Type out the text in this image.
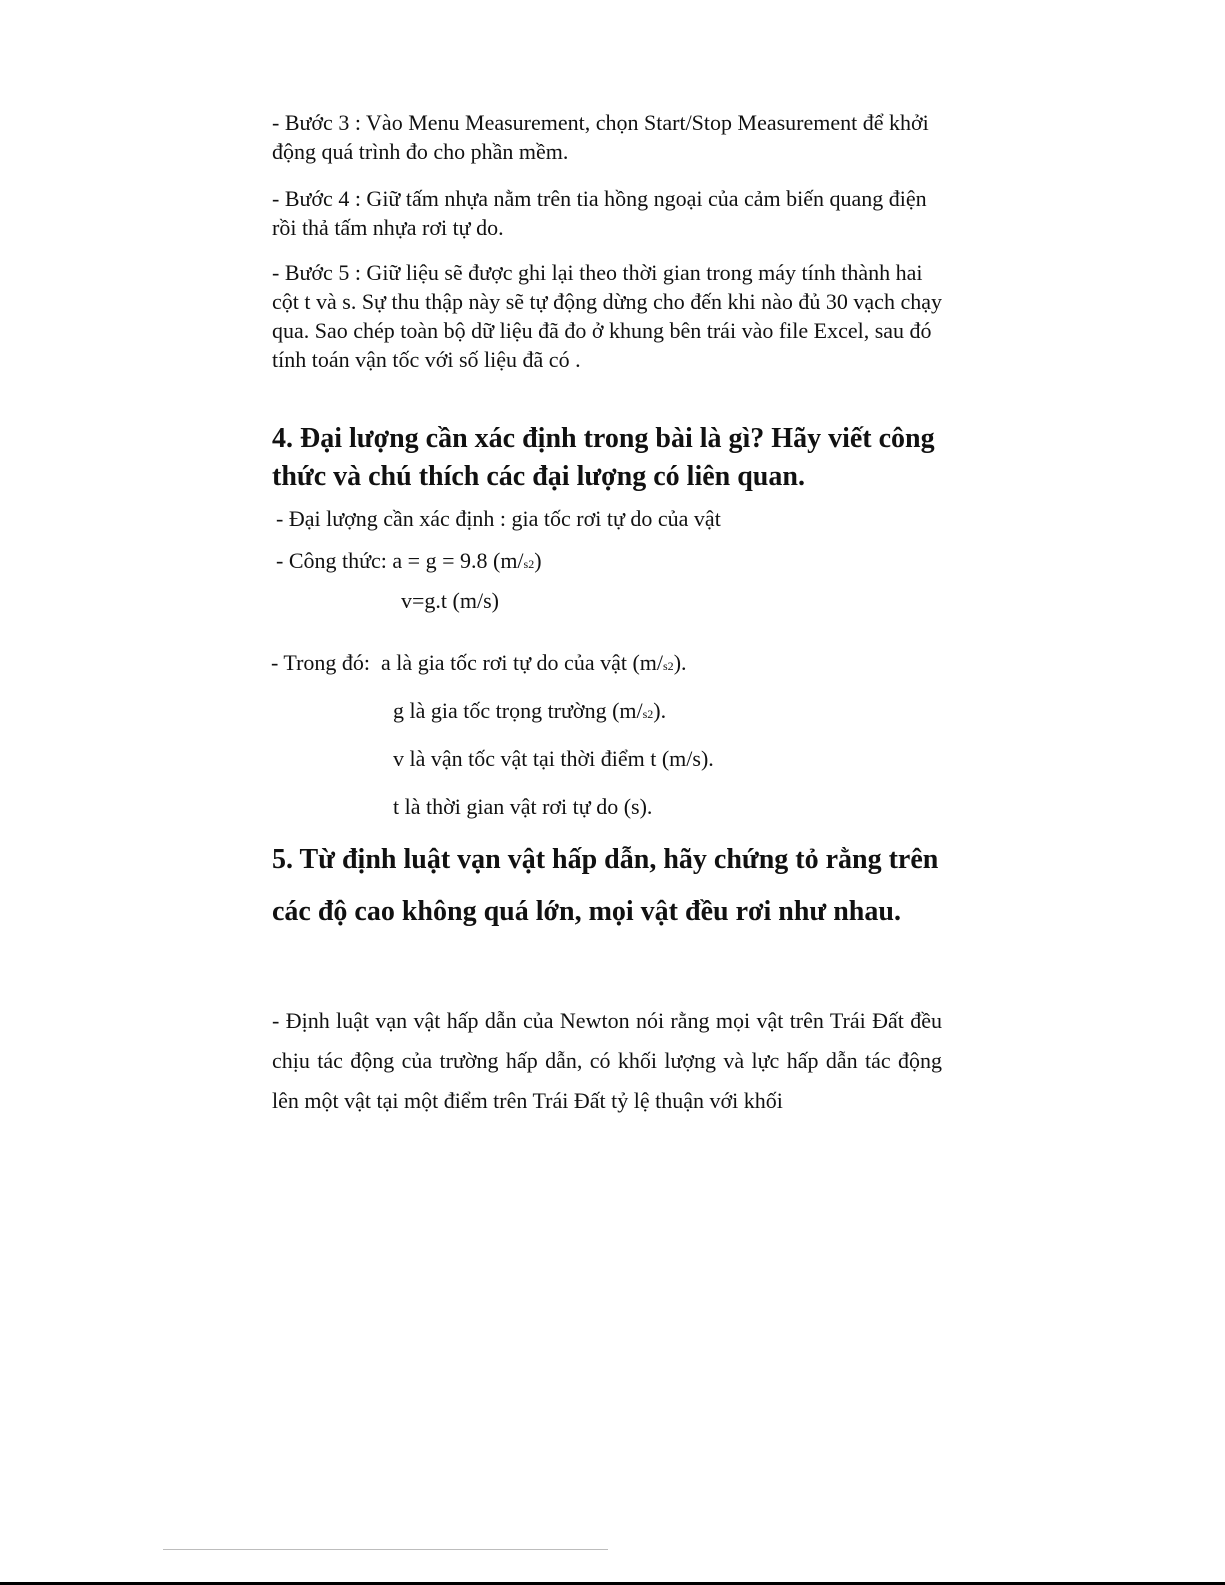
- Bước 3 : Vào Menu Measurement, chọn Start/Stop Measurement để khởi động quá trình đo cho phần mềm.

- Bước 4 : Giữ tấm nhựa nằm trên tia hồng ngoại của cảm biến quang điện rồi thả tấm nhựa rơi tự do.

- Bước 5 : Giữ liệu sẽ được ghi lại theo thời gian trong máy tính thành hai cột t và s. Sự thu thập này sẽ tự động dừng cho đến khi nào đủ 30 vạch chạy qua. Sao chép toàn bộ dữ liệu đã đo ở khung bên trái vào file Excel, sau đó tính toán vận tốc với số liệu đã có .

4. Đại lượng cần xác định trong bài là gì? Hãy viết công thức và chú thích các đại lượng có liên quan.

- Đại lượng cần xác định : gia tốc rơi tự do của vật

- Công thức: a = g = 9.8 (m/s2)

v=g.t (m/s)

- Trong đó: a là gia tốc rơi tự do của vật (m/s2).

g là gia tốc trọng trường (m/s2).

v là vận tốc vật tại thời điểm t (m/s).

t là thời gian vật rơi tự do (s).

5. Từ định luật vạn vật hấp dẫn, hãy chứng tỏ rằng trên các độ cao không quá lớn, mọi vật đều rơi như nhau.

- Định luật vạn vật hấp dẫn của Newton nói rằng mọi vật trên Trái Đất đều chịu tác động của trường hấp dẫn, có khối lượng và lực hấp dẫn tác động lên một vật tại một điểm trên Trái Đất tỷ lệ thuận với khối
